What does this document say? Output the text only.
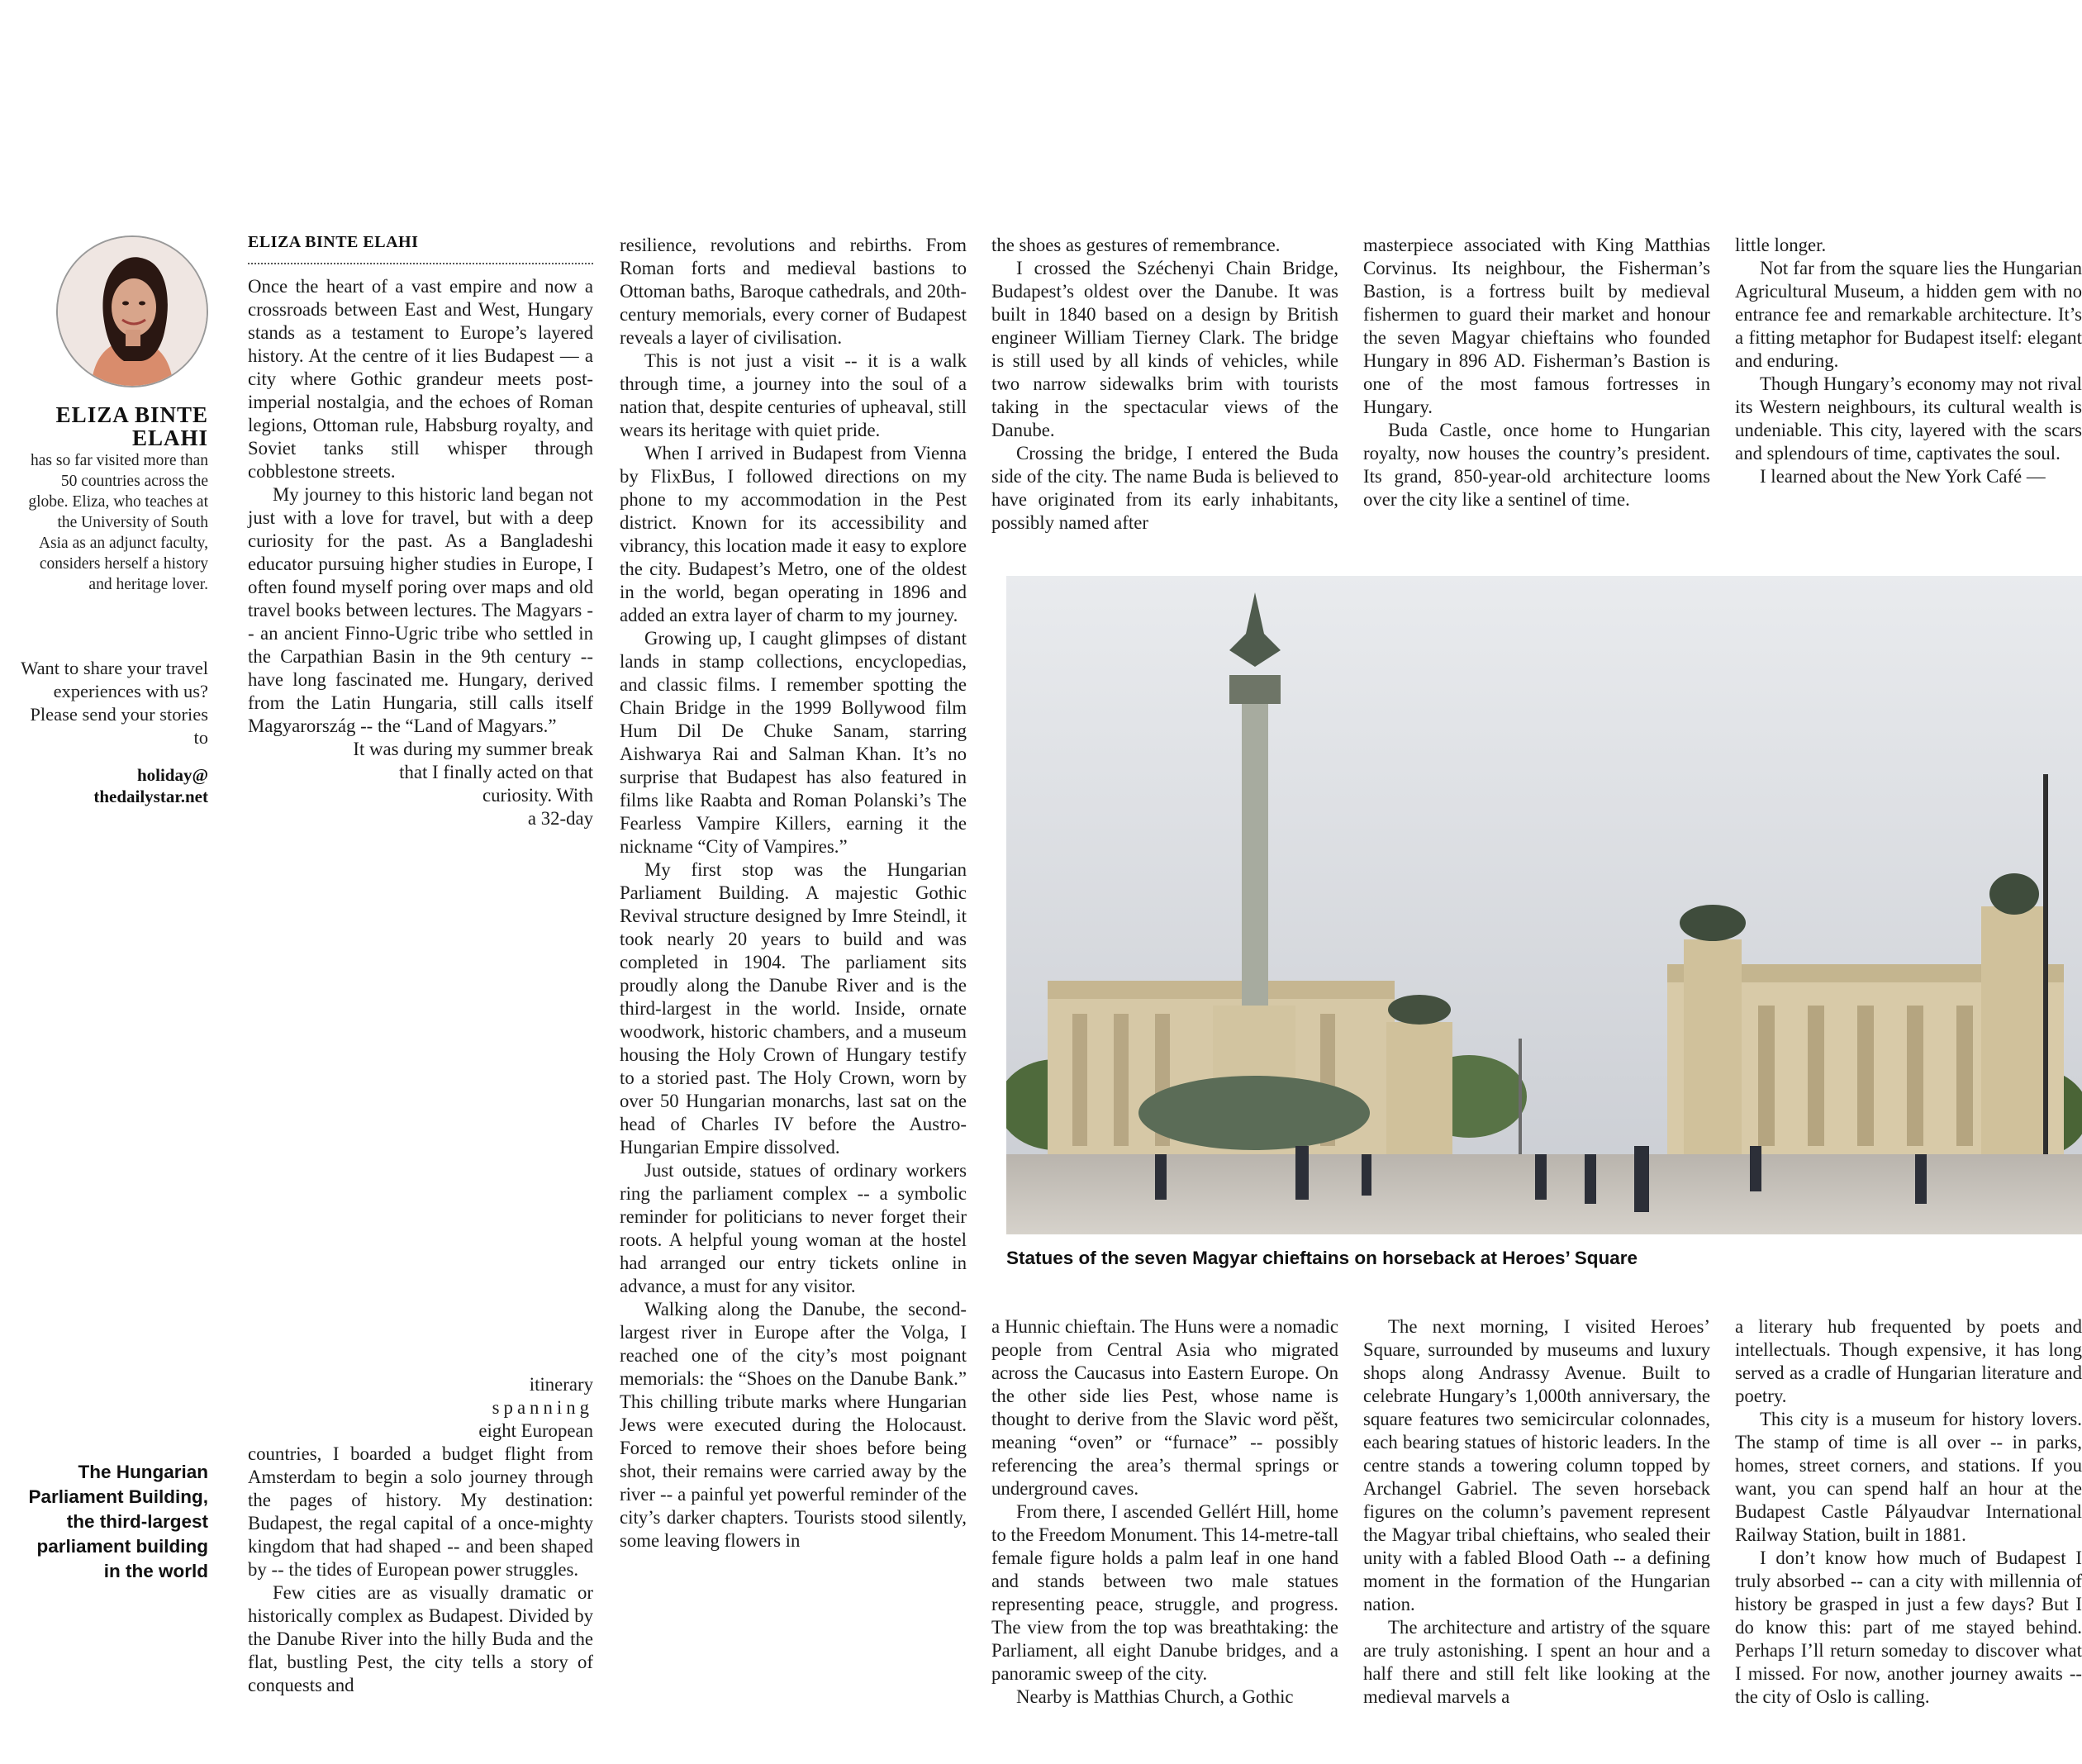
ELIZA BINTE ELAHI
has so far visited more than 50 countries across the globe. Eliza, who teaches at the University of South Asia as an adjunct faculty, considers herself a history and heritage lover.
Want to share your travel experiences with us? Please send your stories to
holiday@
thedailystar.net
The Hungarian Parliament Building, the third-largest parliament building in the world
ELIZA BINTE ELAHI

Once the heart of a vast empire and now a crossroads between East and West, Hungary stands as a testament to Europe’s layered history. At the centre of it lies Budapest — a city where Gothic grandeur meets post-imperial nostalgia, and the echoes of Roman legions, Ottoman rule, Habsburg royalty, and Soviet tanks still whisper through cobblestone streets.

My journey to this historic land began not just with a love for travel, but with a deep curiosity for the past. As a Bangladeshi educator pursuing higher studies in Europe, I often found myself poring over maps and old travel books between lectures. The Magyars -- an ancient Finno-Ugric tribe who settled in the Carpathian Basin in the 9th century -- have long fascinated me. Hungary, derived from the Latin Hungaria, still calls itself Magyarország -- the “Land of Magyars.”

It was during my summer break
that I finally acted on that
curiosity. With
a 32-day
itinerary
spanning
eight European

countries, I boarded a budget flight from Amsterdam to begin a solo journey through the pages of history. My destination: Budapest, the regal capital of a once-mighty kingdom that had shaped -- and been shaped by -- the tides of European power struggles.

Few cities are as visually dramatic or historically complex as Budapest. Divided by the Danube River into the hilly Buda and the flat, bustling Pest, the city tells a story of conquests and

resilience, revolutions and rebirths. From Roman forts and medieval bastions to Ottoman baths, Baroque cathedrals, and 20th-century memorials, every corner of Budapest reveals a layer of civilisation.

This is not just a visit -- it is a walk through time, a journey into the soul of a nation that, despite centuries of upheaval, still wears its heritage with quiet pride.

When I arrived in Budapest from Vienna by FlixBus, I followed directions on my phone to my accommodation in the Pest district. Known for its accessibility and vibrancy, this location made it easy to explore the city. Budapest’s Metro, one of the oldest in the world, began operating in 1896 and added an extra layer of charm to my journey.

Growing up, I caught glimpses of distant lands in stamp collections, encyclopedias, and classic films. I remember spotting the Chain Bridge in the 1999 Bollywood film Hum Dil De Chuke Sanam, starring Aishwarya Rai and Salman Khan. It’s no surprise that Budapest has also featured in films like Raabta and Roman Polanski’s The Fearless Vampire Killers, earning it the nickname “City of Vampires.”

My first stop was the Hungarian Parliament Building. A majestic Gothic Revival structure designed by Imre Steindl, it took nearly 20 years to build and was completed in 1904. The parliament sits proudly along the Danube River and is the third-largest in the world. Inside, ornate woodwork, historic chambers, and a museum housing the Holy Crown of Hungary testify to a storied past. The Holy Crown, worn by over 50 Hungarian monarchs, last sat on the head of Charles IV before the Austro-Hungarian Empire dissolved.

Just outside, statues of ordinary workers ring the parliament complex -- a symbolic reminder for politicians to never forget their roots. A helpful young woman at the hostel had arranged our entry tickets online in advance, a must for any visitor.

Walking along the Danube, the second-largest river in Europe after the Volga, I reached one of the city’s most poignant memorials: the “Shoes on the Danube Bank.” This chilling tribute marks where Hungarian Jews were executed during the Holocaust. Forced to remove their shoes before being shot, their remains were carried away by the river -- a painful yet powerful reminder of the city’s darker chapters. Tourists stood silently, some leaving flowers in

the shoes as gestures of remembrance.

I crossed the Széchenyi Chain Bridge, Budapest’s oldest over the Danube. It was built in 1840 based on a design by British engineer William Tierney Clark. The bridge is still used by all kinds of vehicles, while two narrow sidewalks brim with tourists taking in the spectacular views of the Danube.

Crossing the bridge, I entered the Buda side of the city. The name Buda is believed to have originated from its early inhabitants, possibly named after

masterpiece associated with King Matthias Corvinus. Its neighbour, the Fisherman’s Bastion, is a fortress built by medieval fishermen to guard their market and honour the seven Magyar chieftains who founded Hungary in 896 AD. Fisherman’s Bastion is one of the most famous fortresses in Hungary.

Buda Castle, once home to Hungarian royalty, now houses the country’s president. Its grand, 850-year-old architecture looms over the city like a sentinel of time.

little longer.

Not far from the square lies the Hungarian Agricultural Museum, a hidden gem with no entrance fee and remarkable architecture. It’s a fitting metaphor for Budapest itself: elegant and enduring.

Though Hungary’s economy may not rival its Western neighbours, its cultural wealth is undeniable. This city, layered with the scars and splendours of time, captivates the soul.

I learned about the New York Café —

Statues of the seven Magyar chieftains on horseback at Heroes’ Square

a Hunnic chieftain. The Huns were a nomadic people from Central Asia who migrated across the Caucasus into Eastern Europe. On the other side lies Pest, whose name is thought to derive from the Slavic word pěšt, meaning “oven” or “furnace” -- possibly referencing the area’s thermal springs or underground caves.

From there, I ascended Gellért Hill, home to the Freedom Monument. This 14-metre-tall female figure holds a palm leaf in one hand and stands between two male statues representing peace, struggle, and progress. The view from the top was breathtaking: the Parliament, all eight Danube bridges, and a panoramic sweep of the city.

Nearby is Matthias Church, a Gothic

The next morning, I visited Heroes’ Square, surrounded by museums and luxury shops along Andrassy Avenue. Built to celebrate Hungary’s 1,000th anniversary, the square features two semicircular colonnades, each bearing statues of historic leaders. In the centre stands a towering column topped by Archangel Gabriel. The seven horseback figures on the column’s pavement represent the Magyar tribal chieftains, who sealed their unity with a fabled Blood Oath -- a defining moment in the formation of the Hungarian nation.

The architecture and artistry of the square are truly astonishing. I spent an hour and a half there and still felt like looking at the medieval marvels a

a literary hub frequented by poets and intellectuals. Though expensive, it has long served as a cradle of Hungarian literature and poetry.

This city is a museum for history lovers. The stamp of time is all over -- in parks, homes, street corners, and stations. If you want, you can spend half an hour at the Budapest Castle Pályaudvar International Railway Station, built in 1881.

I don’t know how much of Budapest I truly absorbed -- can a city with millennia of history be grasped in just a few days? But I do know this: part of me stayed behind. Perhaps I’ll return someday to discover what I missed. For now, another journey awaits -- the city of Oslo is calling.
